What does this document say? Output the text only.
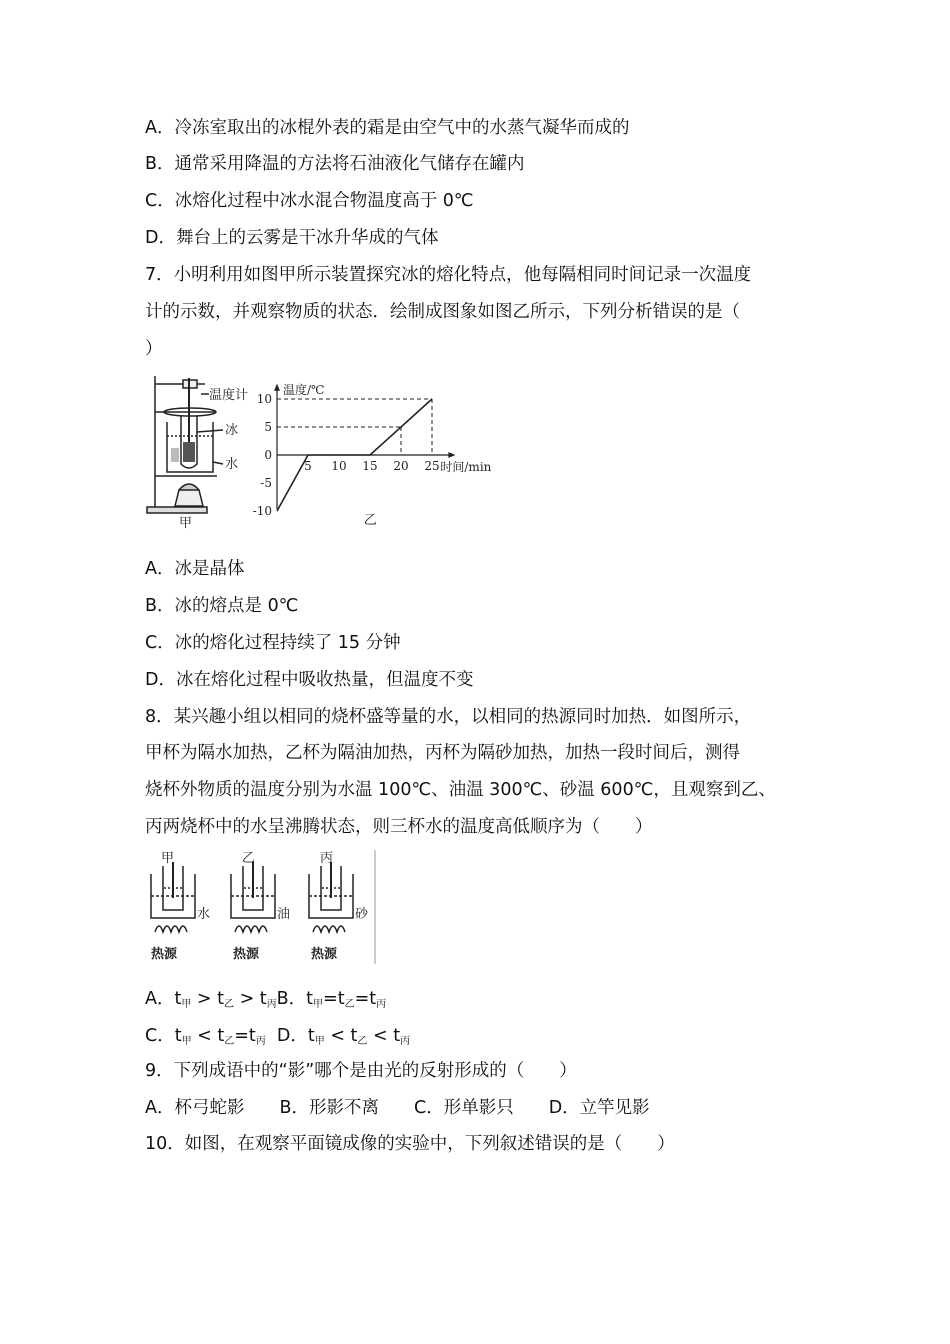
A．冷冻室取出的冰棍外表的霜是由空气中的水蒸气凝华而成的
B．通常采用降温的方法将石油液化气储存在罐内
C．冰熔化过程中冰水混合物温度高于 0℃
D．舞台上的云雾是干冰升华成的气体
7．小明利用如图甲所示装置探究冰的熔化特点，他每隔相同时间记录一次温度
计的示数，并观察物质的状态．绘制成图象如图乙所示，下列分析错误的是（
）
温度计
冰
水
甲
5 10 15 20 25
10
5
0
-5
-10
温度/℃
时间/min
乙
A．冰是晶体
B．冰的熔点是 0℃
C．冰的熔化过程持续了 15 分钟
D．冰在熔化过程中吸收热量，但温度不变
8．某兴趣小组以相同的烧杯盛等量的水，以相同的热源同时加热．如图所示，
甲杯为隔水加热，乙杯为隔油加热，丙杯为隔砂加热，加热一段时间后，测得
烧杯外物质的温度分别为水温 100℃、油温 300℃、砂温 600℃，且观察到乙、
丙两烧杯中的水呈沸腾状态，则三杯水的温度高低顺序为（　　）
甲	乙	丙
水	油	砂
热源	热源	热源
A．t甲 > t乙 > t丙B．t甲=t乙=t丙
C．t甲 < t乙=t丙 D．t甲 < t乙 < t丙
9．下列成语中的“影”哪个是由光的反射形成的（　　）
A．杯弓蛇影　　B．形影不离　　C．形单影只　　D．立竿见影
10．如图，在观察平面镜成像的实验中，下列叙述错误的是（　　）
